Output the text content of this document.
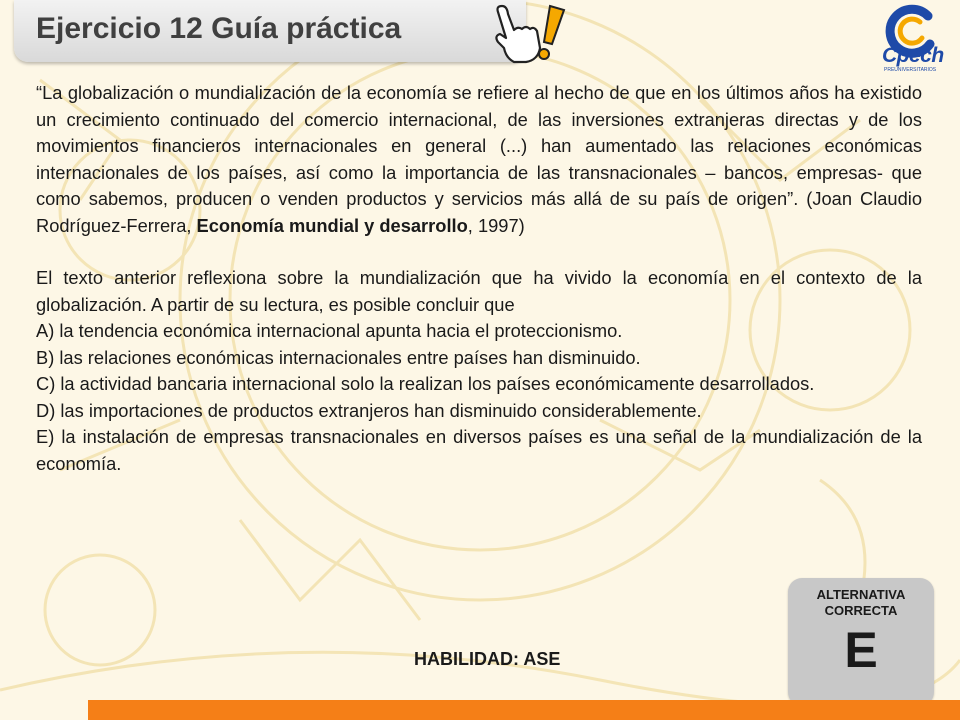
Ejercicio 12 Guía práctica
Cpech
PREUNIVERSITARIOS

“La globalización o mundialización de la economía se refiere al hecho de que en los últimos años ha existido un crecimiento continuado del comercio internacional, de las inversiones extranjeras directas y de los movimientos financieros internacionales en general (...) han aumentado las relaciones económicas internacionales de los países, así como la importancia de las transnacionales – bancos, empresas- que como sabemos, producen o venden productos y servicios más allá de su país de origen”. (Joan Claudio Rodríguez-Ferrera, Economía mundial y desarrollo, 1997)

El texto anterior reflexiona sobre la mundialización que ha vivido la economía en el contexto de la globalización. A partir de su lectura, es posible concluir que

A) la tendencia económica internacional apunta hacia el proteccionismo.

B) las relaciones económicas internacionales entre países han disminuido.

C) la actividad bancaria internacional solo la realizan los países económicamente desarrollados.

D) las importaciones de productos extranjeros han disminuido considerablemente.

E) la instalación de empresas transnacionales en diversos países es una señal de la mundialización de la economía.

HABILIDAD: ASE
ALTERNATIVA
CORRECTA
E
